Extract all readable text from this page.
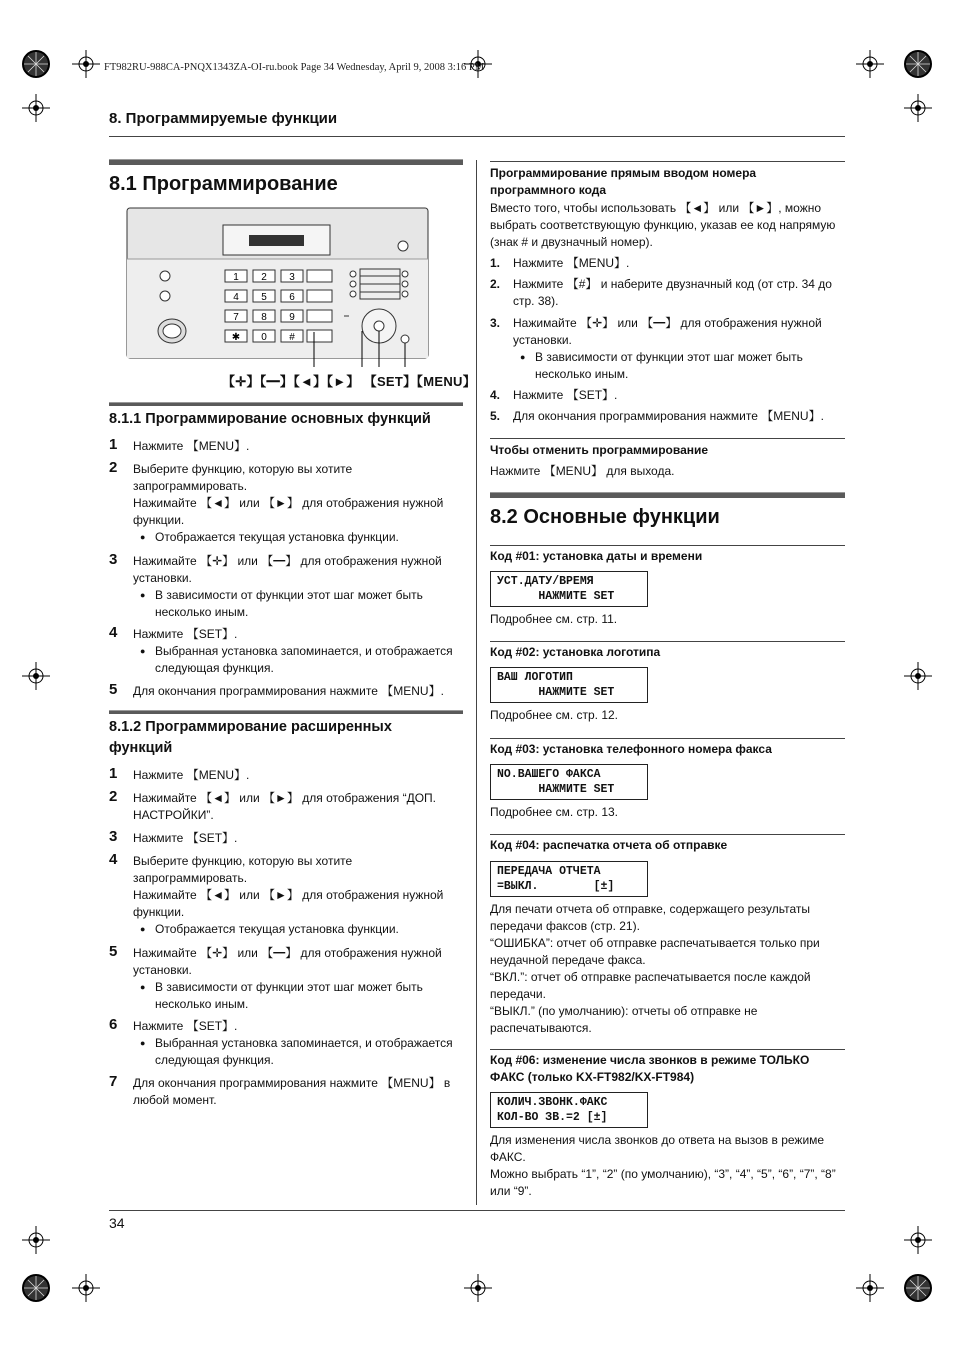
FT982RU-988CA-PNQX1343ZA-OI-ru.book Page 34 Wednesday, April 9, 2008 3:16 PM
8. Программируемые функции
8.1 Программирование
1 2 3
4 5 6
7 8 9
✱ 0 #
【✛】【━】【◄】【►】 【SET】【MENU】
8.1.1 Программирование основных функций
1 Нажмите 【MENU】.
2 Выберите функцию, которую вы хотите запрограммировать.
Нажимайте 【◄】 или 【►】 для отображения нужной функции.
● Отображается текущая установка функции.
3 Нажимайте 【✛】 или 【━】 для отображения нужной установки.
● В зависимости от функции этот шаг может быть несколько иным.
4 Нажмите 【SET】.
● Выбранная установка запоминается, и отображается следующая функция.
5 Для окончания программирования нажмите 【MENU】.
8.1.2 Программирование расширенных функций
1 Нажмите 【MENU】.
2 Нажимайте 【◄】 или 【►】 для отображения “ДОП. НАСТРОЙКИ”.
3 Нажмите 【SET】.
4 Выберите функцию, которую вы хотите запрограммировать.
Нажимайте 【◄】 или 【►】 для отображения нужной функции.
● Отображается текущая установка функции.
5 Нажимайте 【✛】 или 【━】 для отображения нужной установки.
● В зависимости от функции этот шаг может быть несколько иным.
6 Нажмите 【SET】.
● Выбранная установка запоминается, и отображается следующая функция.
7 Для окончания программирования нажмите 【MENU】 в любой момент.
Программирование прямым вводом номера программного кода
Вместо того, чтобы использовать 【◄】 или 【►】, можно выбрать соответствующую функцию, указав ее код напрямую (знак # и двузначный номер).
1. Нажмите 【MENU】.
2. Нажмите 【#】 и наберите двузначный код (от стр. 34 до стр. 38).
3. Нажимайте 【✛】 или 【━】 для отображения нужной установки.
● В зависимости от функции этот шаг может быть несколько иным.
4. Нажмите 【SET】.
5. Для окончания программирования нажмите 【MENU】.
Чтобы отменить программирование
Нажмите 【MENU】 для выхода.
8.2 Основные функции
Код #01: установка даты и времени
УСТ.ДАТУ/ВРЕМЯ
НАЖМИТЕ SET
Подробнее см. стр. 11.
Код #02: установка логотипа
ВАШ ЛОГОТИП
НАЖМИТЕ SET
Подробнее см. стр. 12.
Код #03: установка телефонного номера факса
NO.ВАШЕГО ФАКСА
НАЖМИТЕ SET
Подробнее см. стр. 13.
Код #04: распечатка отчета об отправке
ПЕРЕДАЧА ОТЧЕТА
=ВЫКЛ.        [±]
Для печати отчета об отправке, содержащего результаты передачи факсов (стр. 21).
“ОШИБКА”: отчет об отправке распечатывается только при неудачной передаче факса.
“ВКЛ.”: отчет об отправке распечатывается после каждой передачи.
“ВЫКЛ.” (по умолчанию): отчеты об отправке не распечатываются.
Код #06: изменение числа звонков в режиме ТОЛЬКО ФАКС (только KX-FT982/KX-FT984)
КОЛИЧ.ЗВОНК.ФАКС
КОЛ-ВО ЗВ.=2 [±]
Для изменения числа звонков до ответа на вызов в режиме ФАКС.
Можно выбрать “1”, “2” (по умолчанию), “3”, “4”, “5”, “6”, “7”, “8” или “9”.
34
